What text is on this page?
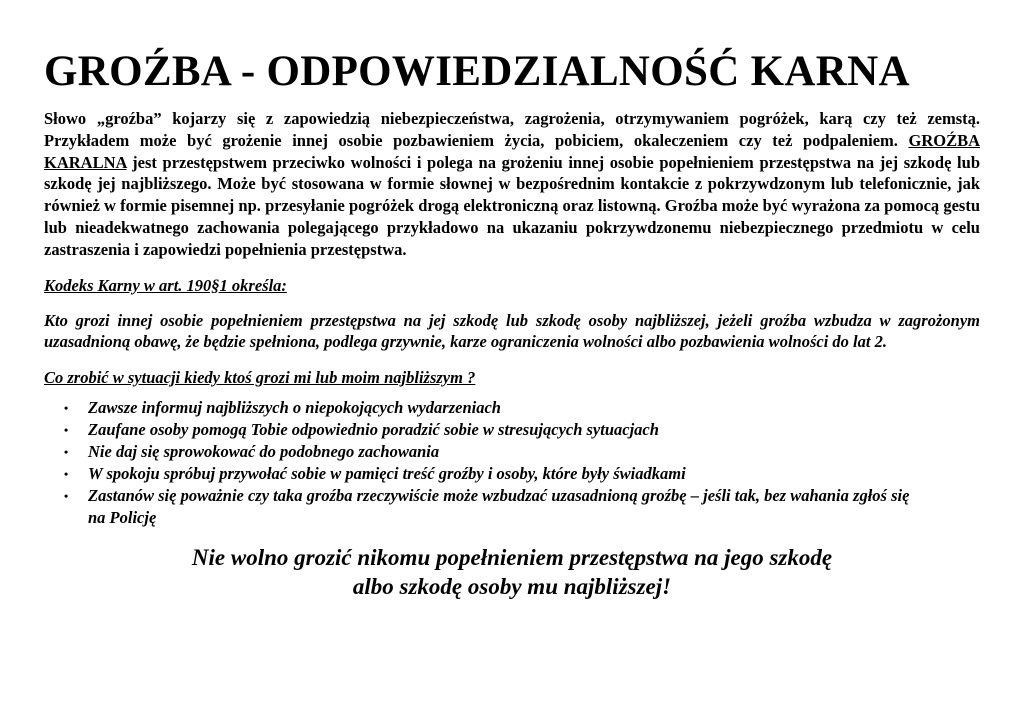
GROŹBA - ODPOWIEDZIALNOŚĆ KARNA

Słowo „groźba” kojarzy się z zapowiedzią niebezpieczeństwa, zagrożenia, otrzymywaniem pogróżek, karą czy też zemstą. Przykładem może być grożenie innej osobie pozbawieniem życia, pobiciem, okaleczeniem czy też podpaleniem. GROŹBA KARALNA jest przestępstwem przeciwko wolności i polega na grożeniu innej osobie popełnieniem przestępstwa na jej szkodę lub szkodę jej najbliższego. Może być stosowana w formie słownej w bezpośrednim kontakcie z pokrzywdzonym lub telefonicznie, jak również w formie pisemnej np. przesyłanie pogróżek drogą elektroniczną oraz listowną. Groźba może być wyrażona za pomocą gestu lub nieadekwatnego zachowania polegającego przykładowo na ukazaniu pokrzywdzonemu niebezpiecznego przedmiotu w celu zastraszenia i zapowiedzi popełnienia przestępstwa.

Kodeks Karny w art. 190§1 określa:

Kto grozi innej osobie popełnieniem przestępstwa na jej szkodę lub szkodę osoby najbliższej, jeżeli groźba wzbudza w zagrożonym uzasadnioną obawę, że będzie spełniona, podlega grzywnie, karze ograniczenia wolności albo pozbawienia wolności do lat 2.

Co zrobić w sytuacji kiedy ktoś grozi mi lub moim najbliższym ?

• Zawsze informuj najbliższych o niepokojących wydarzeniach
• Zaufane osoby pomogą Tobie odpowiednio poradzić sobie w stresujących sytuacjach
• Nie daj się sprowokować do podobnego zachowania
• W spokoju spróbuj przywołać sobie w pamięci treść groźby i osoby, które były świadkami
• Zastanów się poważnie czy taka groźba rzeczywiście może wzbudzać uzasadnioną groźbę – jeśli tak, bez wahania zgłoś się na Policję
Nie wolno grozić nikomu popełnieniem przestępstwa na jego szkodę
albo szkodę osoby mu najbliższej!
